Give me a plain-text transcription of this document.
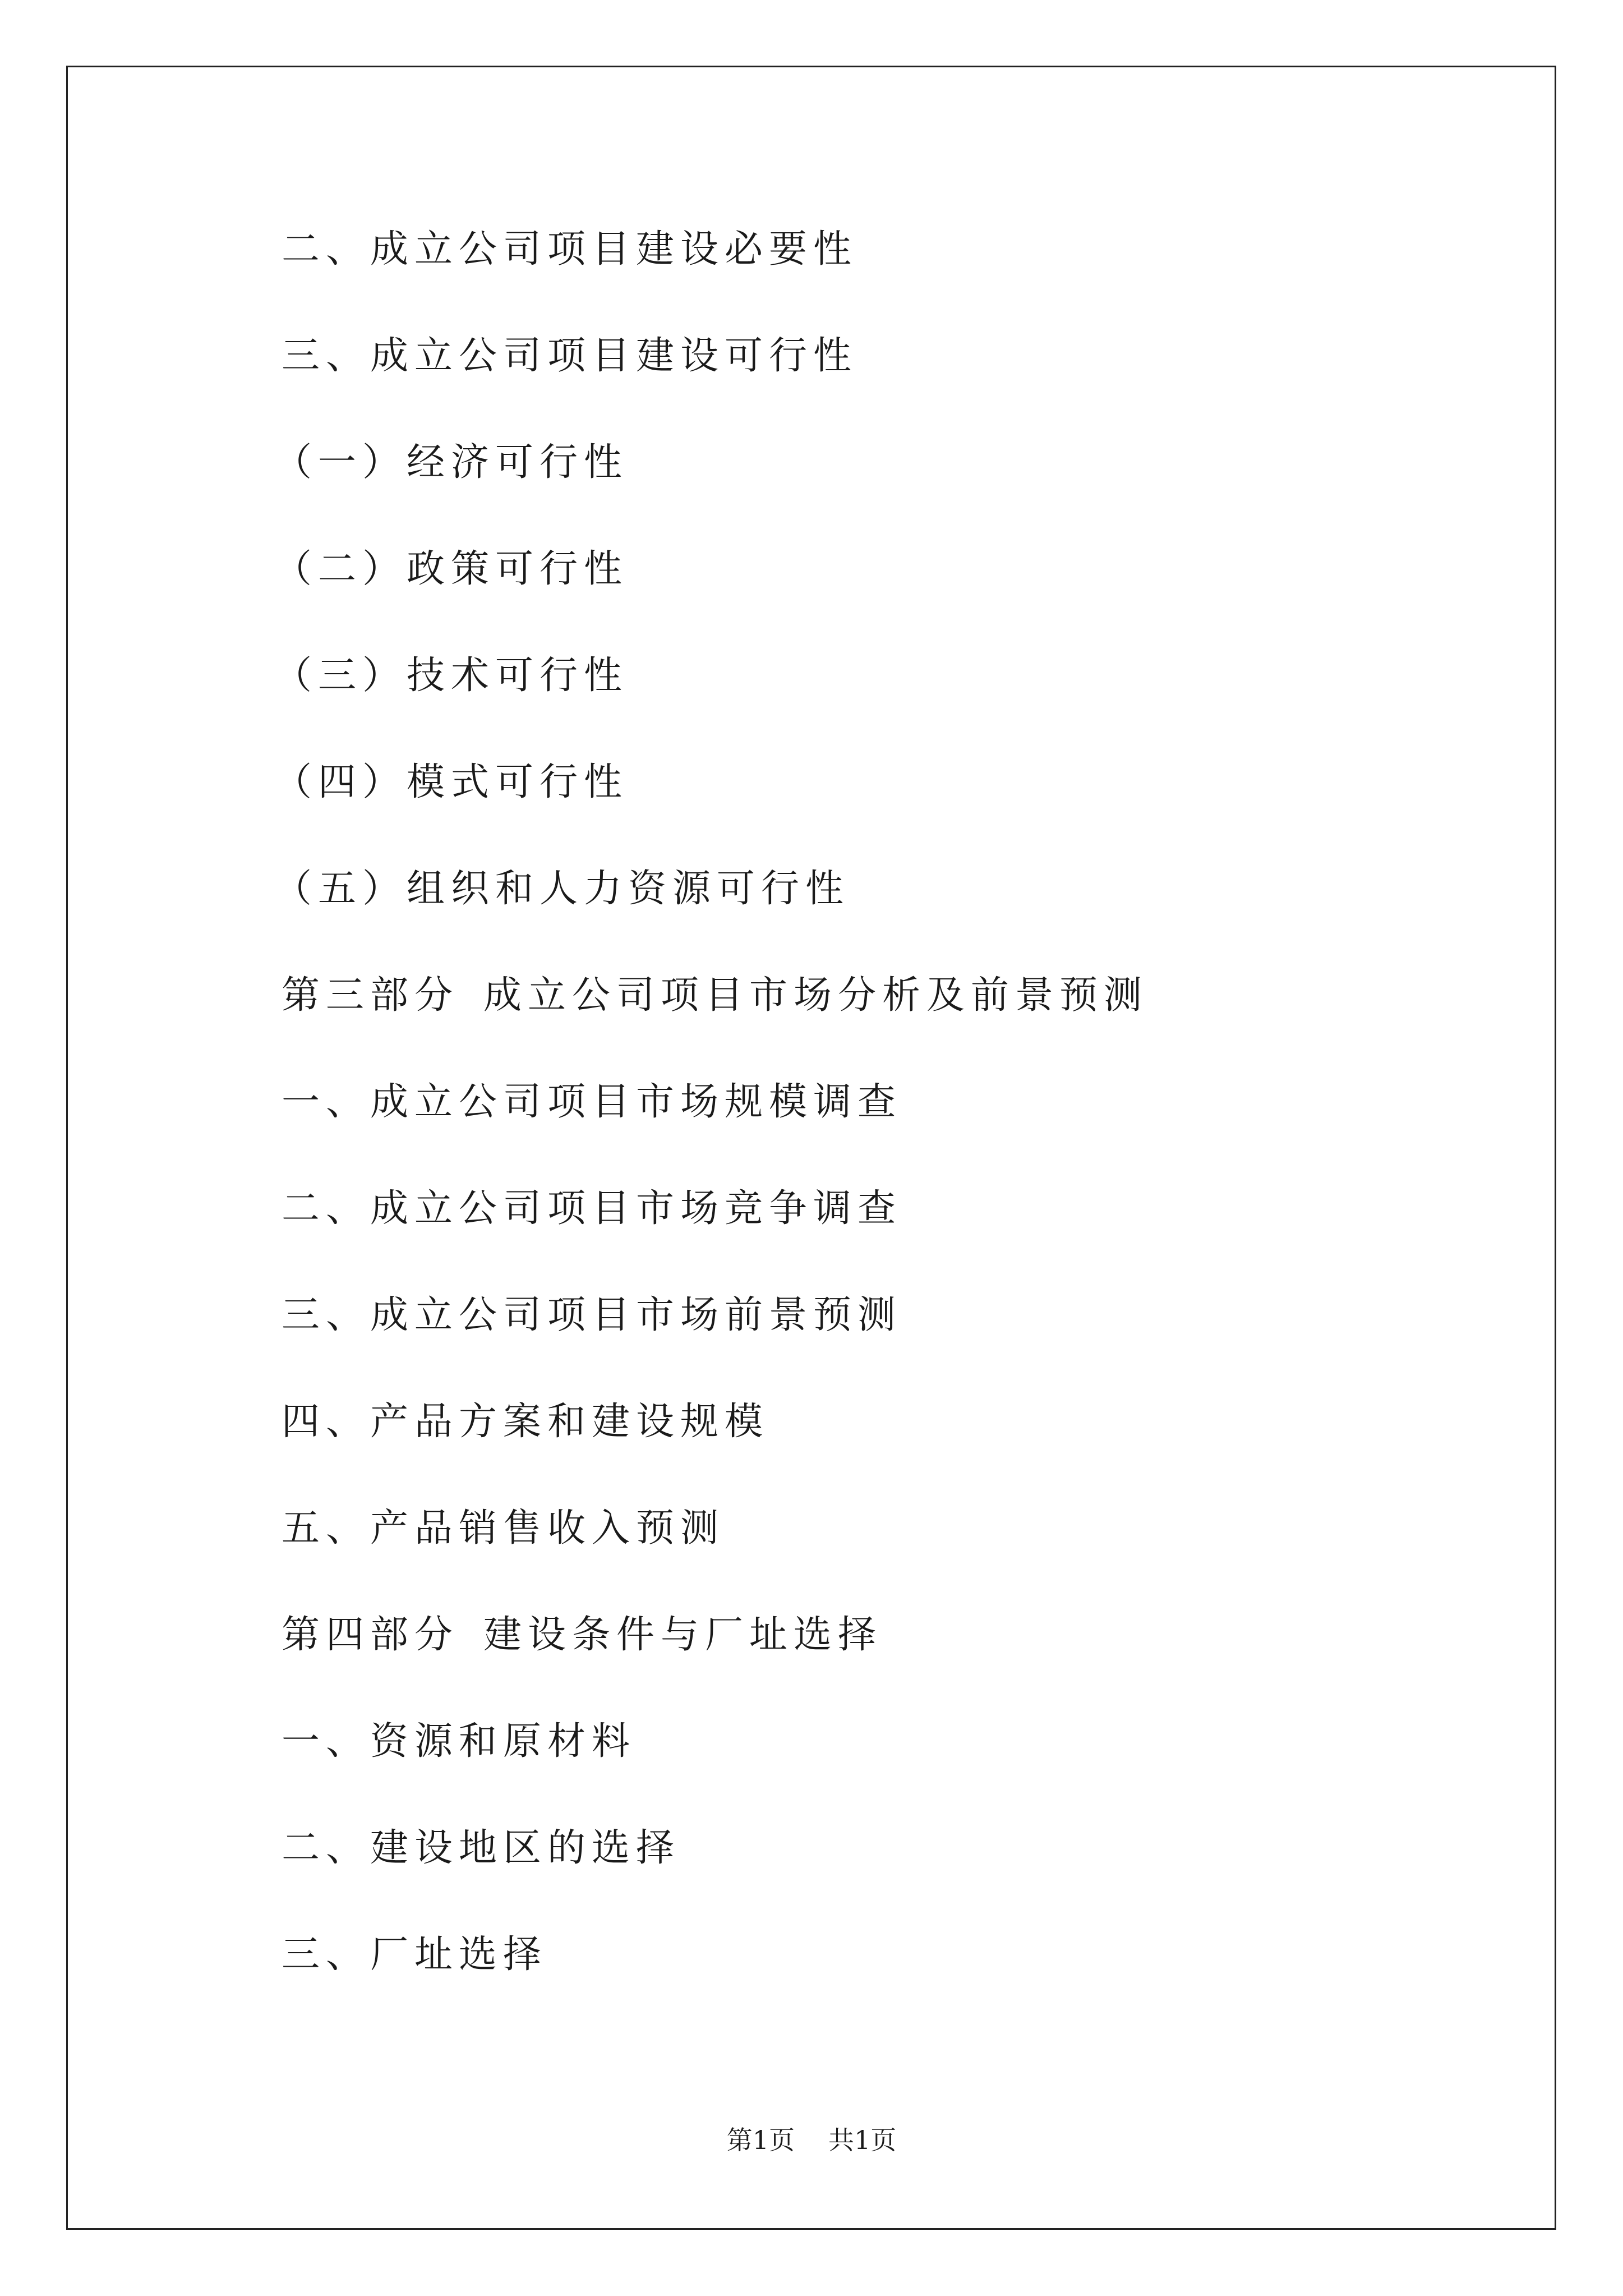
二、成立公司项目建设必要性
三、成立公司项目建设可行性
（一）经济可行性
（二）政策可行性
（三）技术可行性
（四）模式可行性
（五）组织和人力资源可行性
第三部分 成立公司项目市场分析及前景预测
一、成立公司项目市场规模调查
二、成立公司项目市场竞争调查
三、成立公司项目市场前景预测
四、产品方案和建设规模
五、产品销售收入预测
第四部分 建设条件与厂址选择
一、资源和原材料
二、建设地区的选择
三、厂址选择
第1页 共1页
